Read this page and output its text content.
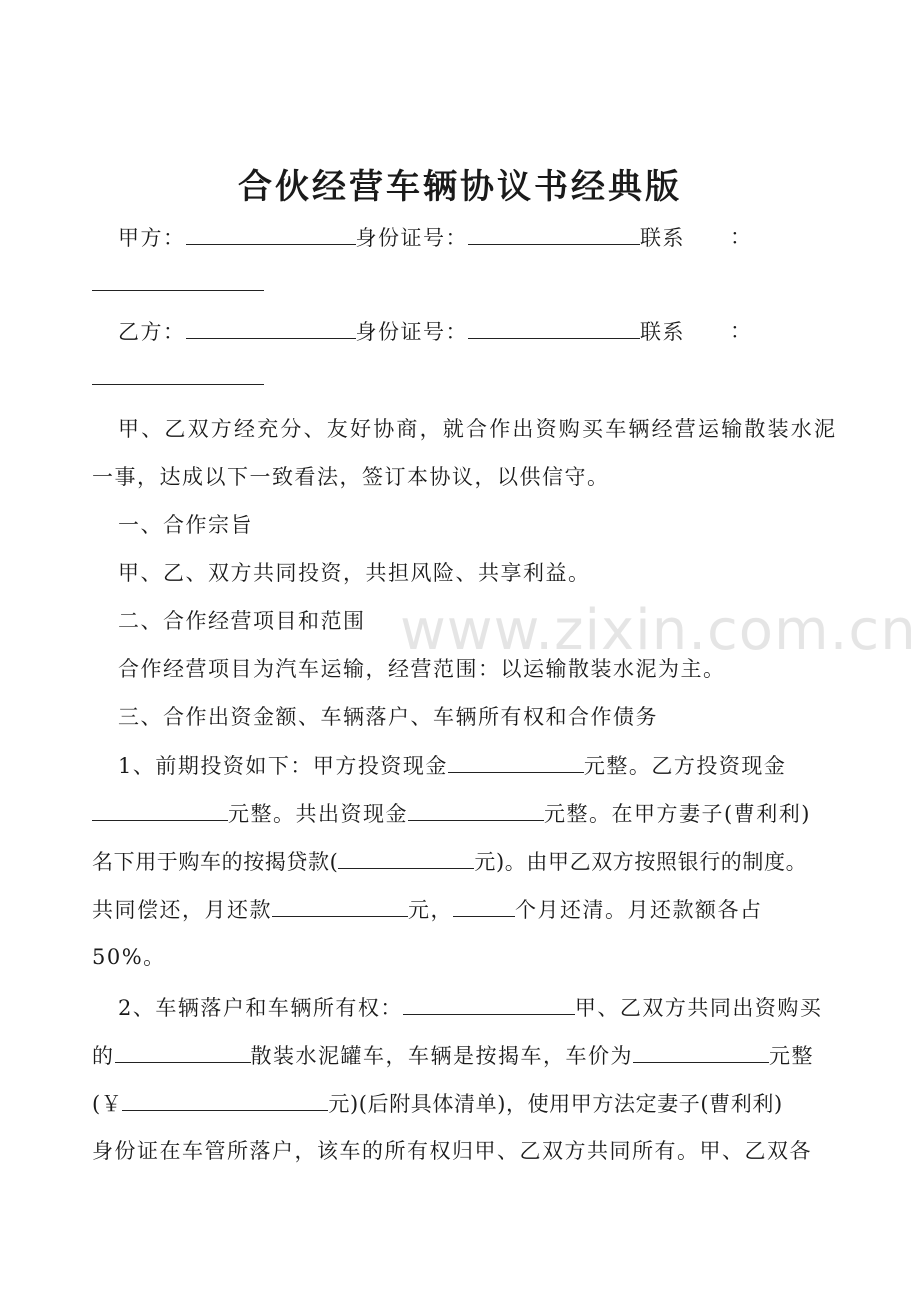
www.zixin.com.cn
合伙经营车辆协议书经典版
甲方：	身份证号：	联系 ：
乙方：	身份证号：	联系 ：
甲、乙双方经充分、友好协商，就合作出资购买车辆经营运输散装水泥
一事，达成以下一致看法，签订本协议，以供信守。
一、合作宗旨
甲、乙、双方共同投资，共担风险、共享利益。
二、合作经营项目和范围
合作经营项目为汽车运输，经营范围：以运输散装水泥为主。
三、合作出资金额、车辆落户、车辆所有权和合作债务
1、前期投资如下：甲方投资现金	元整。乙方投资现金
元整。共出资现金	元整。在甲方妻子(曹利利)
名下用于购车的按揭贷款(	元)。由甲乙双方按照银行的制度。
共同偿还，月还款	元，	个月还清。月还款额各占
50%。
2、车辆落户和车辆所有权：	甲、乙双方共同出资购买
的	散装水泥罐车，车辆是按揭车，车价为	元整
(￥	元)(后附具体清单)，使用甲方法定妻子(曹利利)
身份证在车管所落户，该车的所有权归甲、乙双方共同所有。甲、乙双各
